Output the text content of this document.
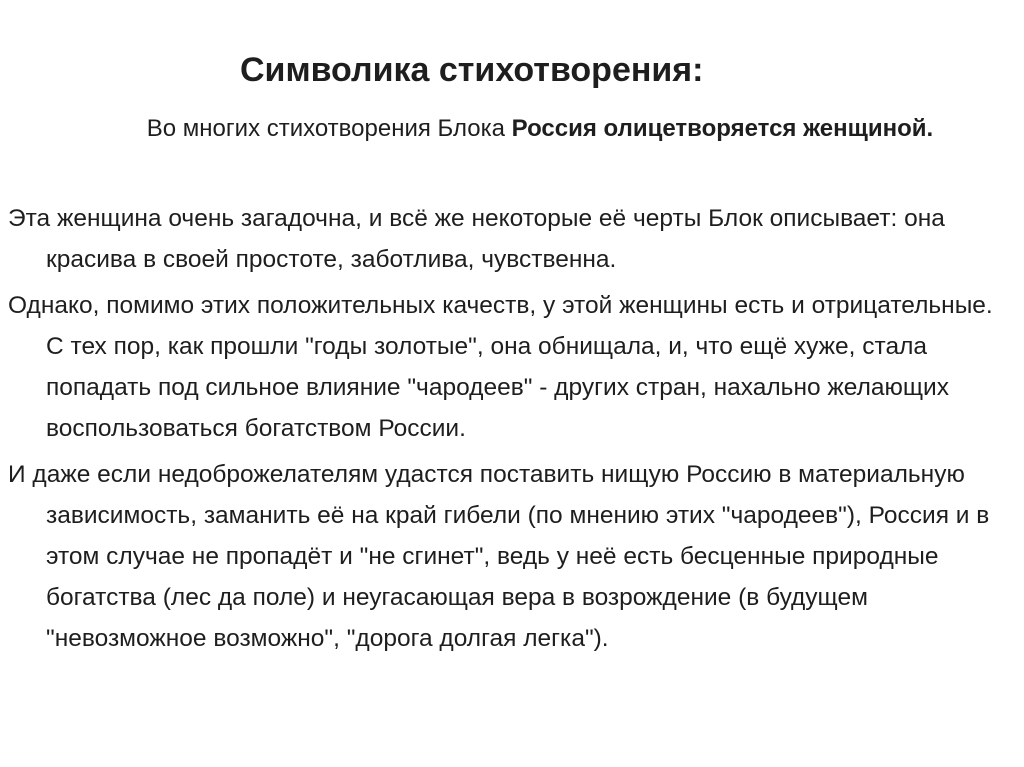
Символика стихотворения:

Во многих стихотворения Блока Россия олицетворяется женщиной.

Эта женщина очень загадочна, и всё же некоторые её черты Блок описывает: она красива в своей простоте, заботлива, чувственна.

Однако, помимо этих положительных качеств, у этой женщины есть и отрицательные. С тех пор, как прошли "годы золотые", она обнищала, и, что ещё хуже, стала попадать под сильное влияние "чародеев" - других стран, нахально желающих воспользоваться богатством России.

И даже если недоброжелателям удастся поставить нищую Россию в материальную зависимость, заманить её на край гибели (по мнению этих "чародеев"), Россия и в этом случае не пропадёт и "не сгинет", ведь у неё есть бесценные природные богатства (лес да поле) и неугасающая вера в возрождение (в будущем "невозможное возможно", "дорога долгая легка").
